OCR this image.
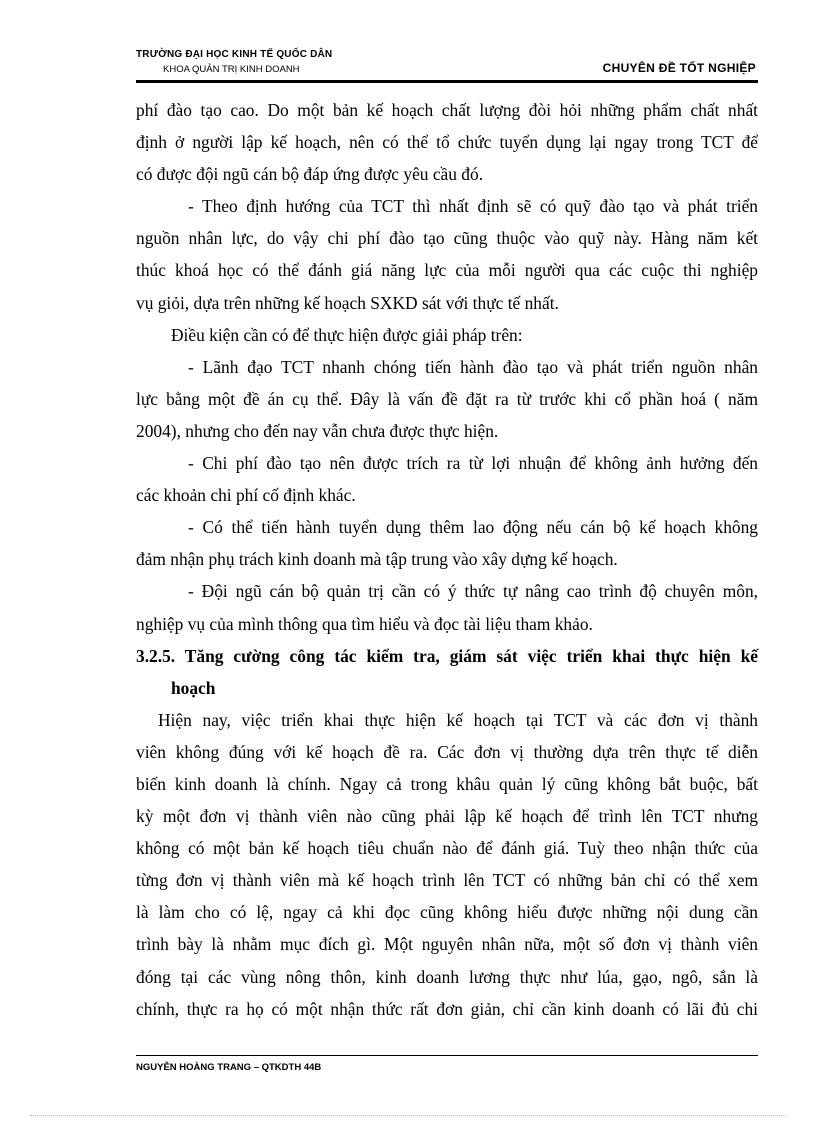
TRƯỜNG ĐẠI HỌC KINH TẾ QUỐC DÂN
KHOA QUẢN TRỊ KINH DOANH	CHUYÊN ĐỀ TỐT NGHIỆP

phí đào tạo cao. Do một bản kế hoạch chất lượng đòi hỏi những phẩm chất nhất

định ở người lập kế hoạch, nên có thể tổ chức tuyển dụng lại ngay trong TCT để

có được đội ngũ cán bộ đáp ứng được yêu cầu đó.

- Theo định hướng của TCT thì nhất định sẽ có quỹ đào tạo và phát triển

nguồn nhân lực, do vậy chi phí đào tạo cũng thuộc vào quỹ này. Hàng năm kết

thúc khoá học có thể đánh giá năng lực của mỗi người qua các cuộc thi nghiệp

vụ giỏi, dựa trên những kế hoạch SXKD sát với thực tế nhất.

Điều kiện cần có để thực hiện được giải pháp trên:

- Lãnh đạo TCT nhanh chóng tiến hành đào tạo và phát triển nguồn nhân

lực bằng một đề án cụ thể. Đây là vấn đề đặt ra từ trước khi cổ phần hoá ( năm

2004), nhưng cho đến nay vẫn chưa được thực hiện.

- Chi phí đào tạo nên được trích ra từ lợi nhuận để không ảnh hưởng đến

các khoản chi phí cố định khác.

- Có thể tiến hành tuyển dụng thêm lao động nếu cán bộ kế hoạch không

đảm nhận phụ trách kinh doanh mà tập trung vào xây dựng kế hoạch.

- Đội ngũ cán bộ quản trị cần có ý thức tự nâng cao trình độ chuyên môn,

nghiệp vụ của mình thông qua tìm hiểu và đọc tài liệu tham khảo.

3.2.5. Tăng cường công tác kiểm tra, giám sát việc triển khai thực hiện kế

hoạch

Hiện nay, việc triển khai thực hiện kế hoạch tại TCT và các đơn vị thành

viên không đúng với kế hoạch đề ra. Các đơn vị thường dựa trên thực tế diễn

biến kinh doanh là chính. Ngay cả trong khâu quản lý cũng không bắt buộc, bất

kỳ một đơn vị thành viên nào cũng phải lập kế hoạch để trình lên TCT nhưng

không có một bản kế hoạch tiêu chuẩn nào để đánh giá. Tuỳ theo nhận thức của

từng đơn vị thành viên mà kế hoạch trình lên TCT có những bản chỉ có thể xem

là làm cho có lệ, ngay cả khi đọc cũng không hiểu được những nội dung cần

trình bày là nhằm mục đích gì. Một nguyên nhân nữa, một số đơn vị thành viên

đóng tại các vùng nông thôn, kinh doanh lương thực như lúa, gạo, ngô, sắn là

chính, thực ra họ có một nhận thức rất đơn giản, chỉ cần kinh doanh có lãi đủ chi

NGUYỄN HOÀNG TRANG – QTKDTH 44B
